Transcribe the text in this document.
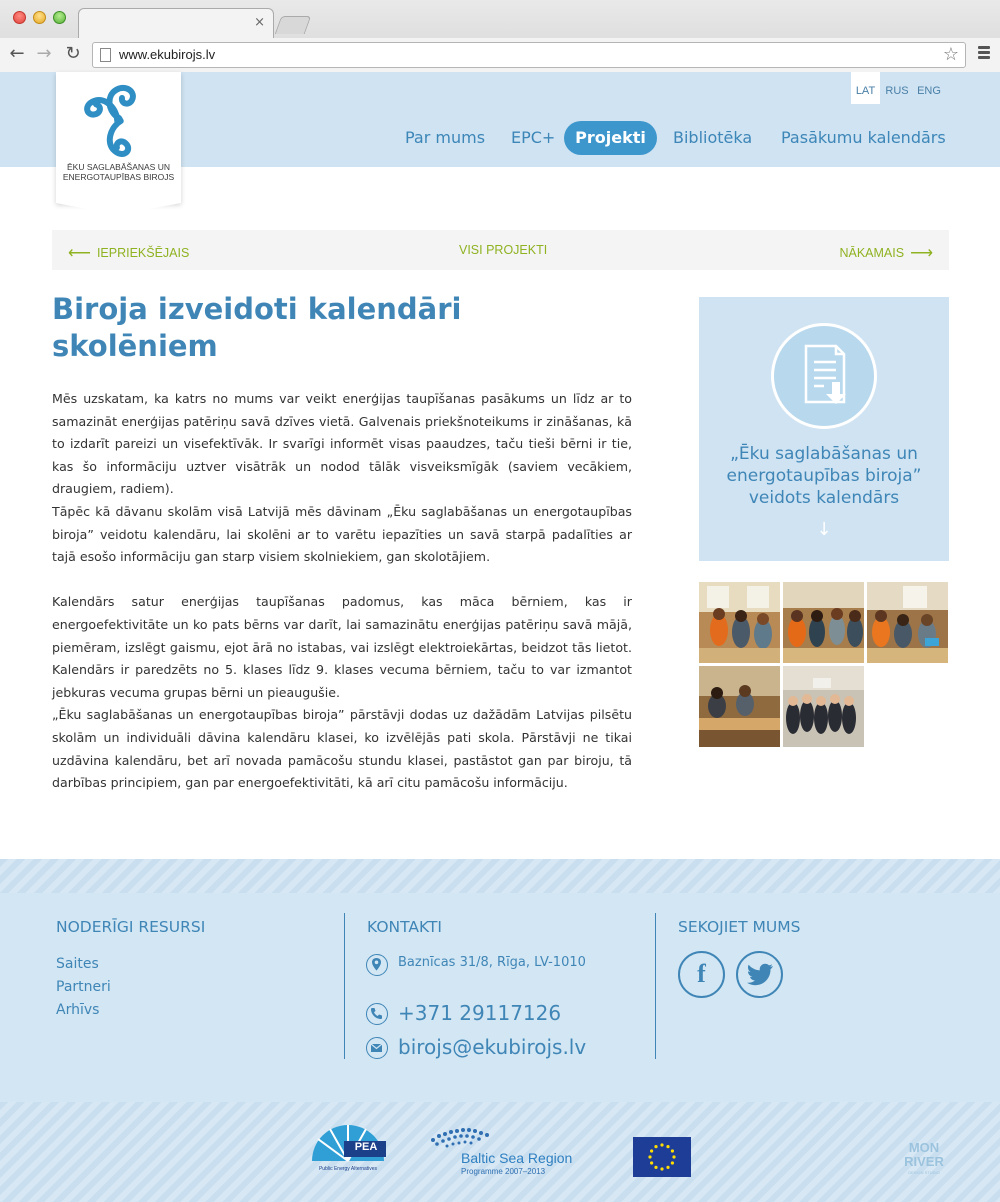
×
← → ↻	www.ekubirojs.lv	☆
ĒKU SAGLABĀŠANAS UN
ENERGOTAUPĪBAS BIROJS
LAT RUS ENG
Par mums EPC+	Projekti	Bibliotēka Pasākumu kalendārs
⟵ IEPRIEKŠĒJAIS	VISI PROJEKTI	NĀKAMAIS ⟶
Biroja izveidoti kalendāri skolēniem

Mēs uzskatam, ka katrs no mums var veikt enerģijas taupīšanas pasākums un līdz ar to samazināt enerģijas patēriņu savā dzīves vietā. Galvenais priekšnoteikums ir zināšanas, kā to izdarīt pareizi un visefektīvāk. Ir svarīgi informēt visas paaudzes, taču tieši bērni ir tie, kas šo informāciju uztver visātrāk un nodod tālāk visveiksmīgāk (saviem vecākiem, draugiem, radiem).

Tāpēc kā dāvanu skolām visā Latvijā mēs dāvinam „Ēku saglabāšanas un energotaupības biroja” veidotu kalendāru, lai skolēni ar to varētu iepazīties un savā starpā padalīties ar tajā esošo informāciju gan starp visiem skolniekiem, gan skolotājiem.

Kalendārs satur enerģijas taupīšanas padomus, kas māca bērniem, kas ir energoefektivitāte un ko pats bērns var darīt, lai samazinātu enerģijas patēriņu savā mājā, piemēram, izslēgt gaismu, ejot ārā no istabas, vai izslēgt elektroiekārtas, beidzot tās lietot. Kalendārs ir paredzēts no 5. klases līdz 9. klases vecuma bērniem, taču to var izmantot jebkuras vecuma grupas bērni un pieaugušie.

„Ēku saglabāšanas un energotaupības biroja” pārstāvji dodas uz dažādām Latvijas pilsētu skolām un individuāli dāvina kalendāru klasei, ko izvēlējās pati skola. Pārstāvji ne tikai uzdāvina kalendāru, bet arī novada pamācošu stundu klasei, pastāstot gan par biroju, tā darbības principiem, gan par energoefektivitāti, kā arī citu pamācošu informāciju.

„Ēku saglabāšanas un energotaupības biroja” veidots kalendārs
↓
NODERĪGI RESURSI	KONTAKTI	SEKOJIET MUMS
Saites
Partneri
Arhīvs
Baznīcas 31/8, Rīga, LV-1010
+371 29117126
birojs@ekubirojs.lv
f
PEA
Public Energy Alternatives
Baltic Sea Region
Programme 2007–2013
MON
RIVER
DESIGN STUDIO
